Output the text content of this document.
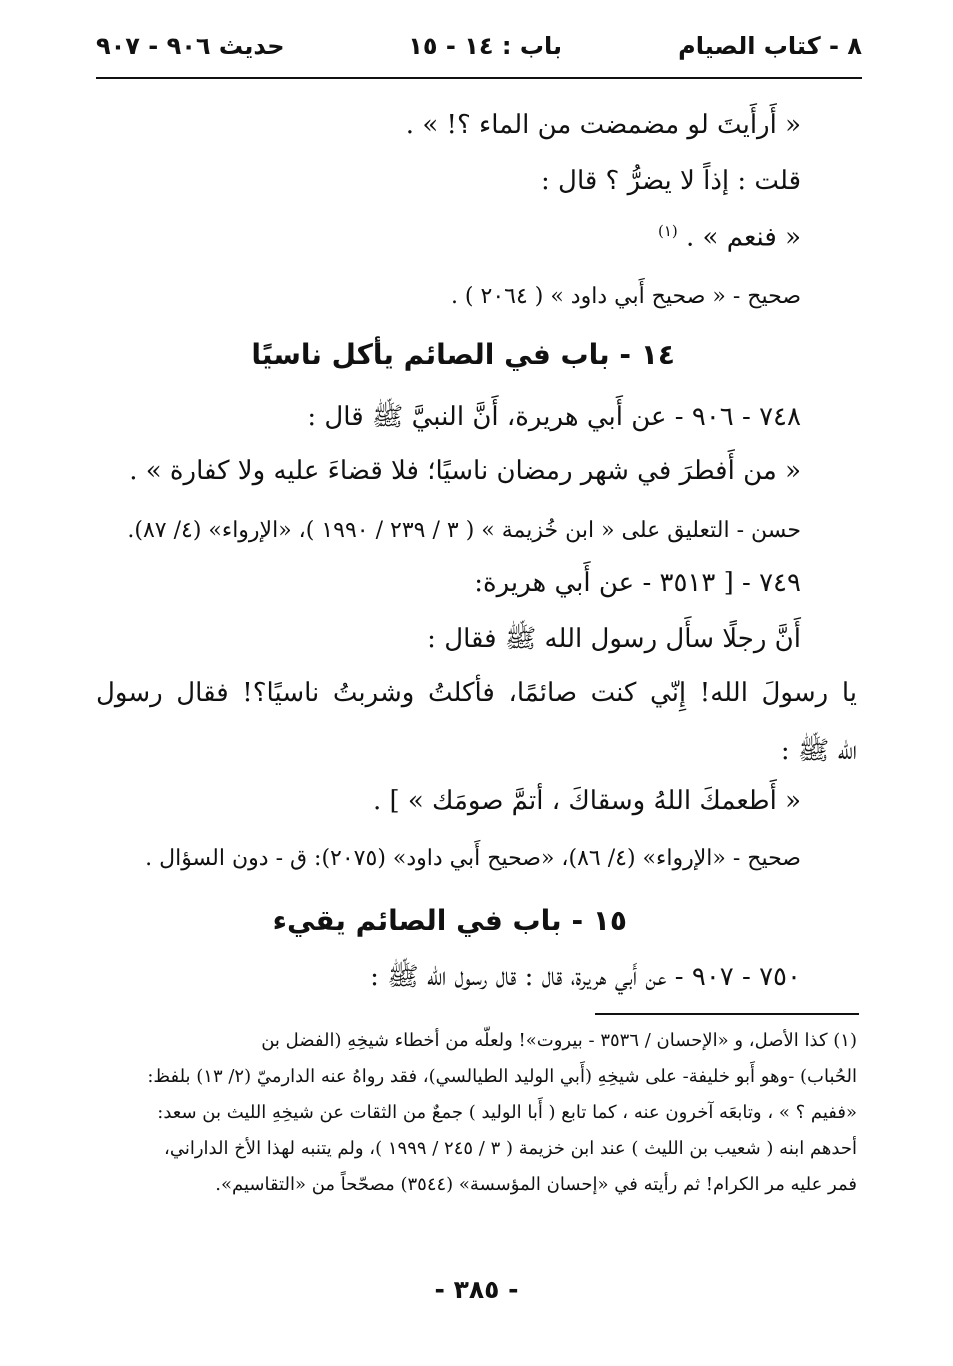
٨ - كتاب الصيام
باب : ١٤ - ١٥
حديث ٩٠٦ - ٩٠٧
« أَرأَيتَ لو مضمضت من الماء ؟! » .
قلت : إذاً لا يضرُّ ؟ قال :
« فنعم » . $^{(١)}$
صحيح - « صحيح أَبي داود » ( ٢٠٦٤ ) .
١٤ - باب في الصائم يأكل ناسيًا
٧٤٨ - ٩٠٦ - عن أَبي هريرة، أَنَّ النبيَّ ﷺ قال :
« من أَفطرَ في شهر رمضان ناسيًا؛ فلا قضاءَ عليه ولا كفارة » .
حسن - التعليق على « ابن خُزيمة » ( ٣ / ٢٣٩ / ١٩٩٠ )، «الإرواء» (٤/ ٨٧).
٧٤٩ - [ ٣٥١٣ - عن أَبي هريرة:
أَنَّ رجلًا سأَل رسول الله ﷺ فقال :
يا رسولَ الله! إِنّي كنت صائمًا، فأكلتُ وشربتُ ناسيًا؟! فقال رسول
الله ﷺ :
« أَطعمكَ اللهُ وسقاكَ ، أتمَّ صومَك » ] .
صحيح - «الإرواء» (٤/ ٨٦)، «صحيح أَبي داود» (٢٠٧٥): ق - دون السؤال .
١٥ - باب في الصائم يقيء
٧٥٠ - ٩٠٧ - عن أَبي هريرة، قال : قال رسول الله ﷺ :
(١) كذا الأصل، و «الإحسان / ٣٥٣٦ - بيروت»! ولعلّه من أخطاء شيخِهِ (الفضل بن
الحُباب) -وهو أَبو خليفة- على شيخِهِ (أَبي الوليد الطيالسي)، فقد رواهُ عنه الدارميّ (٢/ ١٣) بلفظ:
«ففيم ؟ » ، وتابعَه آخرون عنه ، كما تابع ( أَبا الوليد ) جمعٌ من الثقات عن شيخِهِ الليث بن سعد:
أحدهم ابنه ( شعيب بن الليث ) عند ابن خزيمة ( ٣ / ٢٤٥ / ١٩٩٩ )، ولم يتنبه لهذا الأخ الداراني،
فمر عليه مر الكرام! ثم رأيته في «إحسان المؤسسة» (٣٥٤٤) مصحّحاً من «التقاسيم».
- ٣٨٥ -
